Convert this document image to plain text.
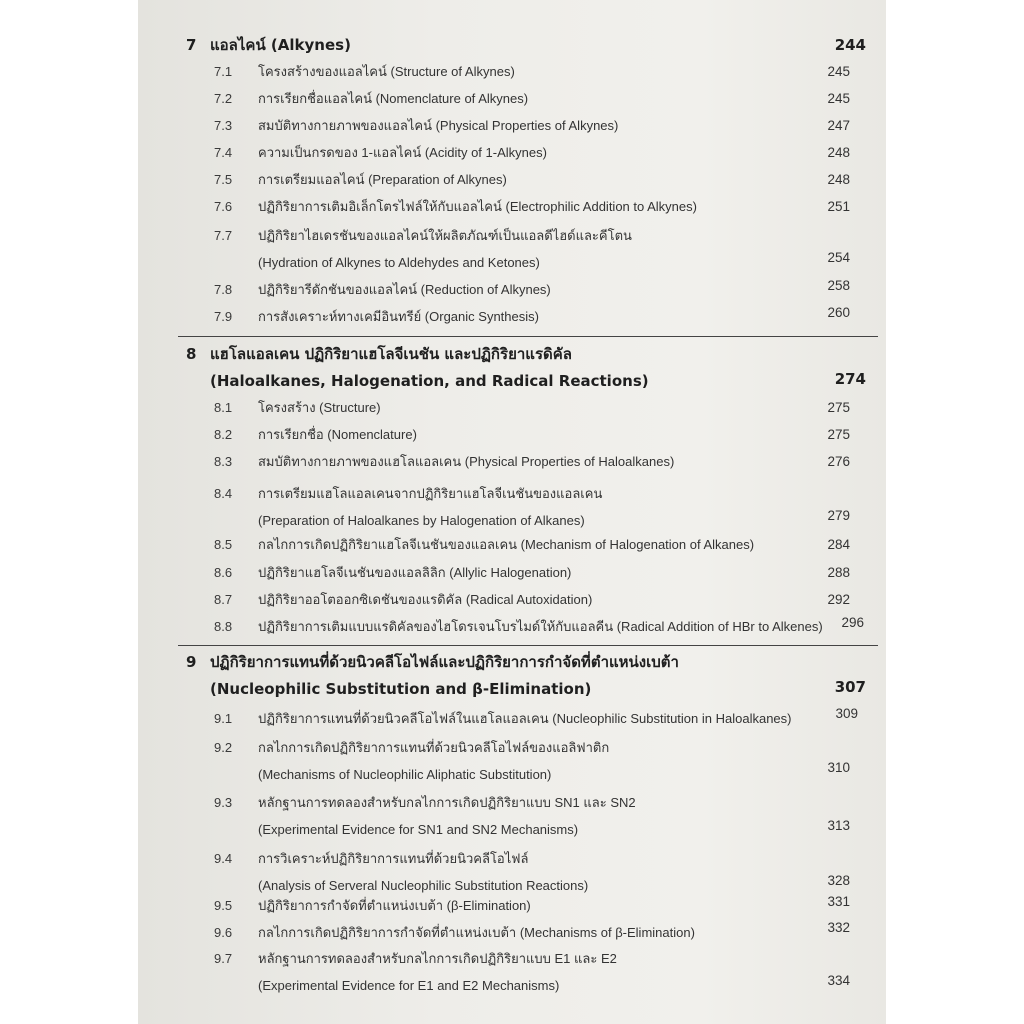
7 แอลไคน์ (Alkynes)	244
7.1 โครงสร้างของแอลไคน์ (Structure of Alkynes)	245
7.2 การเรียกชื่อแอลไคน์ (Nomenclature of Alkynes)	245
7.3 สมบัติทางกายภาพของแอลไคน์ (Physical Properties of Alkynes)	247
7.4 ความเป็นกรดของ 1-แอลไคน์ (Acidity of 1-Alkynes)	248
7.5 การเตรียมแอลไคน์ (Preparation of Alkynes)	248
7.6 ปฏิกิริยาการเติมอิเล็กโตรไฟล์ให้กับแอลไคน์ (Electrophilic Addition to Alkynes)	251
7.7 ปฏิกิริยาไฮเดรชันของแอลไคน์ให้ผลิตภัณฑ์เป็นแอลดีไฮด์และคีโตน
(Hydration of Alkynes to Aldehydes and Ketones)	254
7.8 ปฏิกิริยารีดักชันของแอลไคน์ (Reduction of Alkynes)	258
7.9 การสังเคราะห์ทางเคมีอินทรีย์ (Organic Synthesis)	260
8 แฮโลแอลเคน ปฏิกิริยาแฮโลจีเนชัน และปฏิกิริยาแรดิคัล
(Haloalkanes, Halogenation, and Radical Reactions)	274
8.1 โครงสร้าง (Structure)	275
8.2 การเรียกชื่อ (Nomenclature)	275
8.3 สมบัติทางกายภาพของแฮโลแอลเคน (Physical Properties of Haloalkanes)	276
8.4 การเตรียมแฮโลแอลเคนจากปฏิกิริยาแฮโลจีเนชันของแอลเคน
(Preparation of Haloalkanes by Halogenation of Alkanes)	279
8.5 กลไกการเกิดปฏิกิริยาแฮโลจีเนชันของแอลเคน (Mechanism of Halogenation of Alkanes)	284
8.6 ปฏิกิริยาแฮโลจีเนชันของแอลลิลิก (Allylic Halogenation)	288
8.7 ปฏิกิริยาออโตออกซิเดชันของแรดิคัล (Radical Autoxidation)	292
8.8 ปฏิกิริยาการเติมแบบแรดิคัลของไฮโดรเจนโบรไมด์ให้กับแอลคีน (Radical Addition of HBr to Alkenes) 296
9 ปฏิกิริยาการแทนที่ด้วยนิวคลีโอไฟล์และปฏิกิริยาการกำจัดที่ตำแหน่งเบต้า
(Nucleophilic Substitution and β-Elimination)	307
9.1 ปฏิกิริยาการแทนที่ด้วยนิวคลีโอไฟล์ในแฮโลแอลเคน (Nucleophilic Substitution in Haloalkanes)	309
9.2 กลไกการเกิดปฏิกิริยาการแทนที่ด้วยนิวคลีโอไฟล์ของแอลิฟาติก
(Mechanisms of Nucleophilic Aliphatic Substitution)	310
9.3 หลักฐานการทดลองสำหรับกลไกการเกิดปฏิกิริยาแบบ SN1 และ SN2
(Experimental Evidence for SN1 and SN2 Mechanisms)	313
9.4 การวิเคราะห์ปฏิกิริยาการแทนที่ด้วยนิวคลีโอไฟล์
(Analysis of Serveral Nucleophilic Substitution Reactions)	328
9.5 ปฏิกิริยาการกำจัดที่ตำแหน่งเบต้า (β-Elimination)	331
9.6 กลไกการเกิดปฏิกิริยาการกำจัดที่ตำแหน่งเบต้า (Mechanisms of β-Elimination)	332
9.7 หลักฐานการทดลองสำหรับกลไกการเกิดปฏิกิริยาแบบ E1 และ E2
(Experimental Evidence for E1 and E2 Mechanisms)	334
